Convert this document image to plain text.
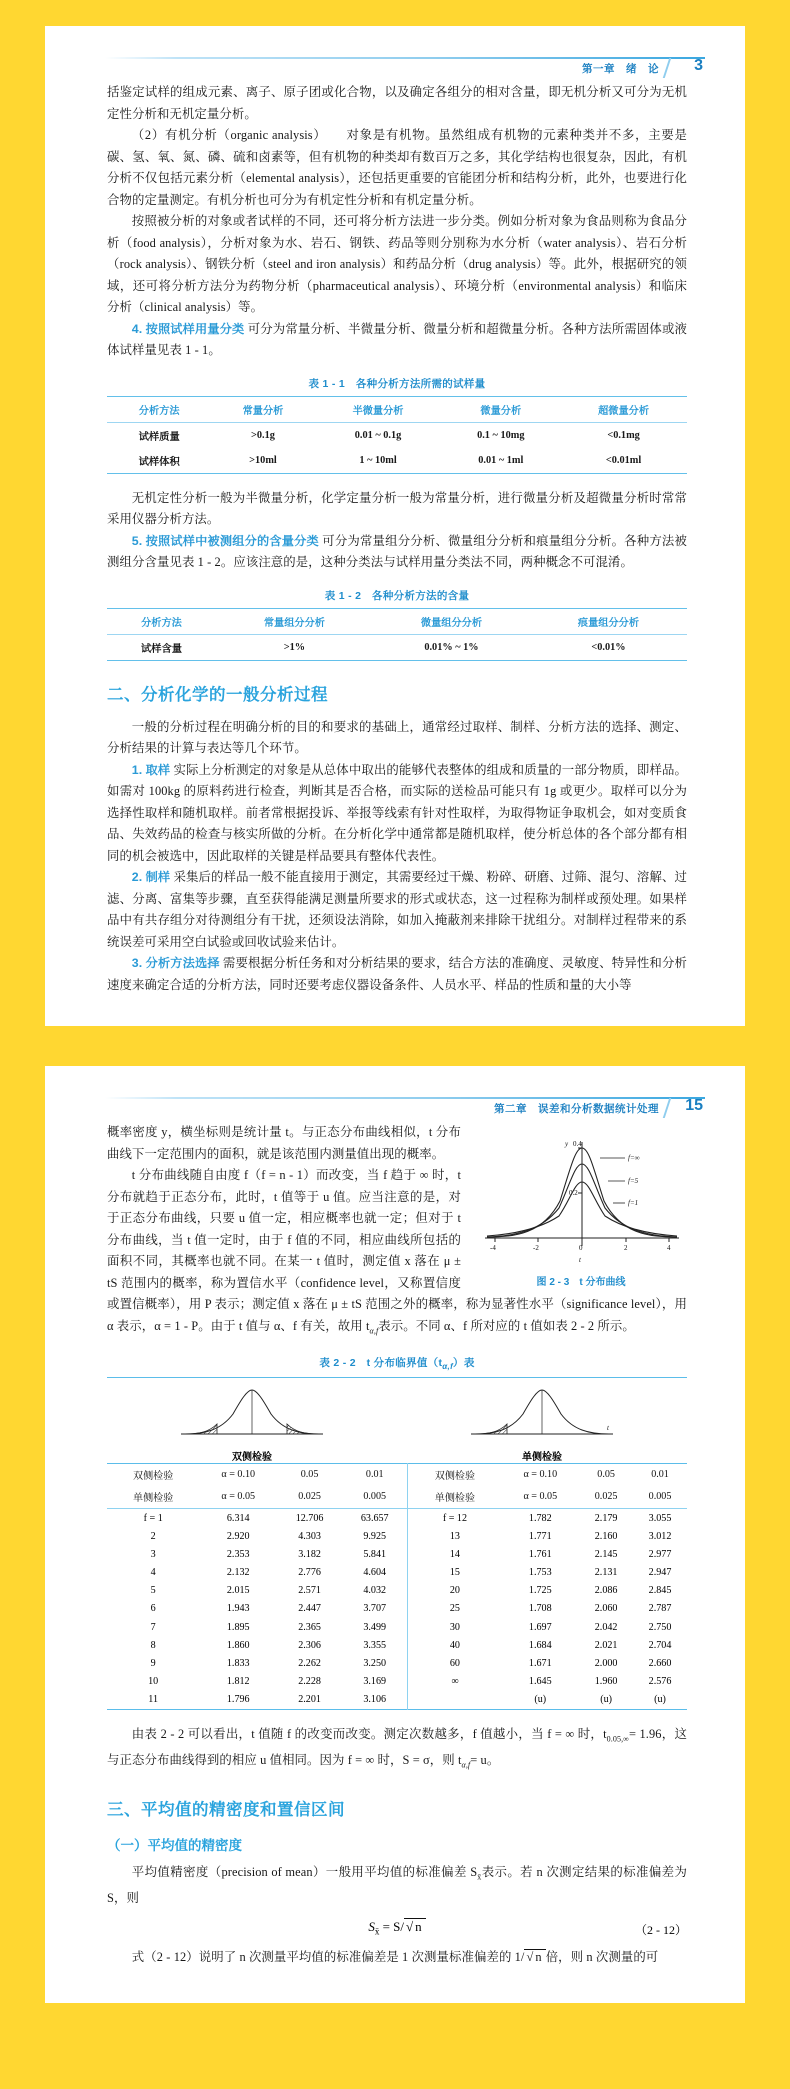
第一章　绪　论 3

括鉴定试样的组成元素、离子、原子团或化合物，以及确定各组分的相对含量，即无机分析又可分为无机定性分析和无机定量分析。

（2）有机分析（organic analysis）　　对象是有机物。虽然组成有机物的元素种类并不多，主要是碳、氢、氧、氮、磷、硫和卤素等，但有机物的种类却有数百万之多，其化学结构也很复杂，因此，有机分析不仅包括元素分析（elemental analysis），还包括更重要的官能团分析和结构分析，此外，也要进行化合物的定量测定。有机分析也可分为有机定性分析和有机定量分析。

按照被分析的对象或者试样的不同，还可将分析方法进一步分类。例如分析对象为食品则称为食品分析（food analysis），分析对象为水、岩石、钢铁、药品等则分别称为水分析（water analysis）、岩石分析（rock analysis）、钢铁分析（steel and iron analysis）和药品分析（drug analysis）等。此外，根据研究的领域，还可将分析方法分为药物分析（pharmaceutical analysis）、环境分析（environmental analysis）和临床分析（clinical analysis）等。

4. 按照试样用量分类 可分为常量分析、半微量分析、微量分析和超微量分析。各种方法所需固体或液体试样量见表 1 - 1。

表 1 - 1　各种分析方法所需的试样量
分析方法	常量分析	半微量分析	微量分析	超微量分析
试样质量	>0.1g	0.01 ~ 0.1g	0.1 ~ 10mg	<0.1mg
试样体积	>10ml	1 ~ 10ml	0.01 ~ 1ml	<0.01ml

无机定性分析一般为半微量分析，化学定量分析一般为常量分析，进行微量分析及超微量分析时常常采用仪器分析方法。

5. 按照试样中被测组分的含量分类 可分为常量组分分析、微量组分分析和痕量组分分析。各种方法被测组分含量见表 1 - 2。应该注意的是，这种分类法与试样用量分类法不同，两种概念不可混淆。

表 1 - 2　各种分析方法的含量
分析方法	常量组分分析	微量组分分析	痕量组分分析
试样含量	>1%	0.01% ~ 1%	<0.01%
二、分析化学的一般分析过程

一般的分析过程在明确分析的目的和要求的基础上，通常经过取样、制样、分析方法的选择、测定、分析结果的计算与表达等几个环节。

1. 取样 实际上分析测定的对象是从总体中取出的能够代表整体的组成和质量的一部分物质，即样品。如需对 100kg 的原料药进行检查，判断其是否合格，而实际的送检品可能只有 1g 或更少。取样可以分为选择性取样和随机取样。前者常根据投诉、举报等线索有针对性取样，为取得物证争取机会，如对变质食品、失效药品的检查与核实所做的分析。在分析化学中通常都是随机取样，使分析总体的各个部分都有相同的机会被选中，因此取样的关键是样品要具有整体代表性。

2. 制样 采集后的样品一般不能直接用于测定，其需要经过干燥、粉碎、研磨、过筛、混匀、溶解、过滤、分离、富集等步骤，直至获得能满足测量所要求的形式或状态，这一过程称为制样或预处理。如果样品中有共存组分对待测组分有干扰，还须设法消除，如加入掩蔽剂来排除干扰组分。对制样过程带来的系统误差可采用空白试验或回收试验来估计。

3. 分析方法选择 需要根据分析任务和对分析结果的要求，结合方法的准确度、灵敏度、特异性和分析速度来确定合适的分析方法，同时还要考虑仪器设备条件、人员水平、样品的性质和量的大小等

第二章　误差和分析数据统计处理 15
y 0.4
0.2
-4	-2	0	2	4
t
f=∞
f=5
f=1
图 2 - 3　t 分布曲线

概率密度 y，横坐标则是统计量 t。与正态分布曲线相似，t 分布曲线下一定范围内的面积，就是该范围内测量值出现的概率。

t 分布曲线随自由度 f（f = n - 1）而改变，当 f 趋于 ∞ 时，t 分布就趋于正态分布，此时，t 值等于 u 值。应当注意的是，对于正态分布曲线，只要 u 值一定，相应概率也就一定；但对于 t 分布曲线，当 t 值一定时，由于 f 值的不同，相应曲线所包括的面积不同，其概率也就不同。在某一 t 值时，测定值 x 落在 μ ± tS 范围内的概率，称为置信水平（confidence level，又称置信度或置信概率），用 P 表示；测定值 x 落在 μ ± tS 范围之外的概率，称为显著性水平（significance level），用 α 表示，α = 1 - P。由于 t 值与 α、f 有关，故用 $t_{\alpha,f}$表示。不同 α、f 所对应的 t 值如表 2 - 2 所示。

表 2 - 2　t 分布临界值$(t_{\alpha,f})$表
双侧检验
t
单侧检验
双侧检验	α = 0.10	0.05	0.01	双侧检验	α = 0.10	0.05	0.01
单侧检验	α = 0.05	0.025	0.005	单侧检验	α = 0.05	0.025	0.005
f = 1	6.314	12.706	63.657	f = 12	1.782	2.179	3.055
2	2.920	4.303	9.925	13	1.771	2.160	3.012
3	2.353	3.182	5.841	14	1.761	2.145	2.977
4	2.132	2.776	4.604	15	1.753	2.131	2.947
5	2.015	2.571	4.032	20	1.725	2.086	2.845
6	1.943	2.447	3.707	25	1.708	2.060	2.787
7	1.895	2.365	3.499	30	1.697	2.042	2.750
8	1.860	2.306	3.355	40	1.684	2.021	2.704
9	1.833	2.262	3.250	60	1.671	2.000	2.660
10	1.812	2.228	3.169	∞	1.645	1.960	2.576
11	1.796	2.201	3.106		(u)	(u)	(u)

由表 2 - 2 可以看出，t 值随 f 的改变而改变。测定次数越多，f 值越小，当 f = ∞ 时，$t_{0.05,\infty}= 1.96$，这与正态分布曲线得到的相应 u 值相同。因为 f = ∞ 时，S = σ，则 $t_{\alpha,f}= u$。

三、平均值的精密度和置信区间
（一）平均值的精密度

平均值精密度（precision of mean）一般用平均值的标准偏差 $S_{x̄}$表示。若 n 次测定结果的标准偏差为 S，则

$S_{x̄} = S/$ √ n	（2 - 12）

式（2 - 12）说明了 n 次测量平均值的标准偏差是 1 次测量标准偏差的 1/ √ n 倍，则 n 次测量的可
